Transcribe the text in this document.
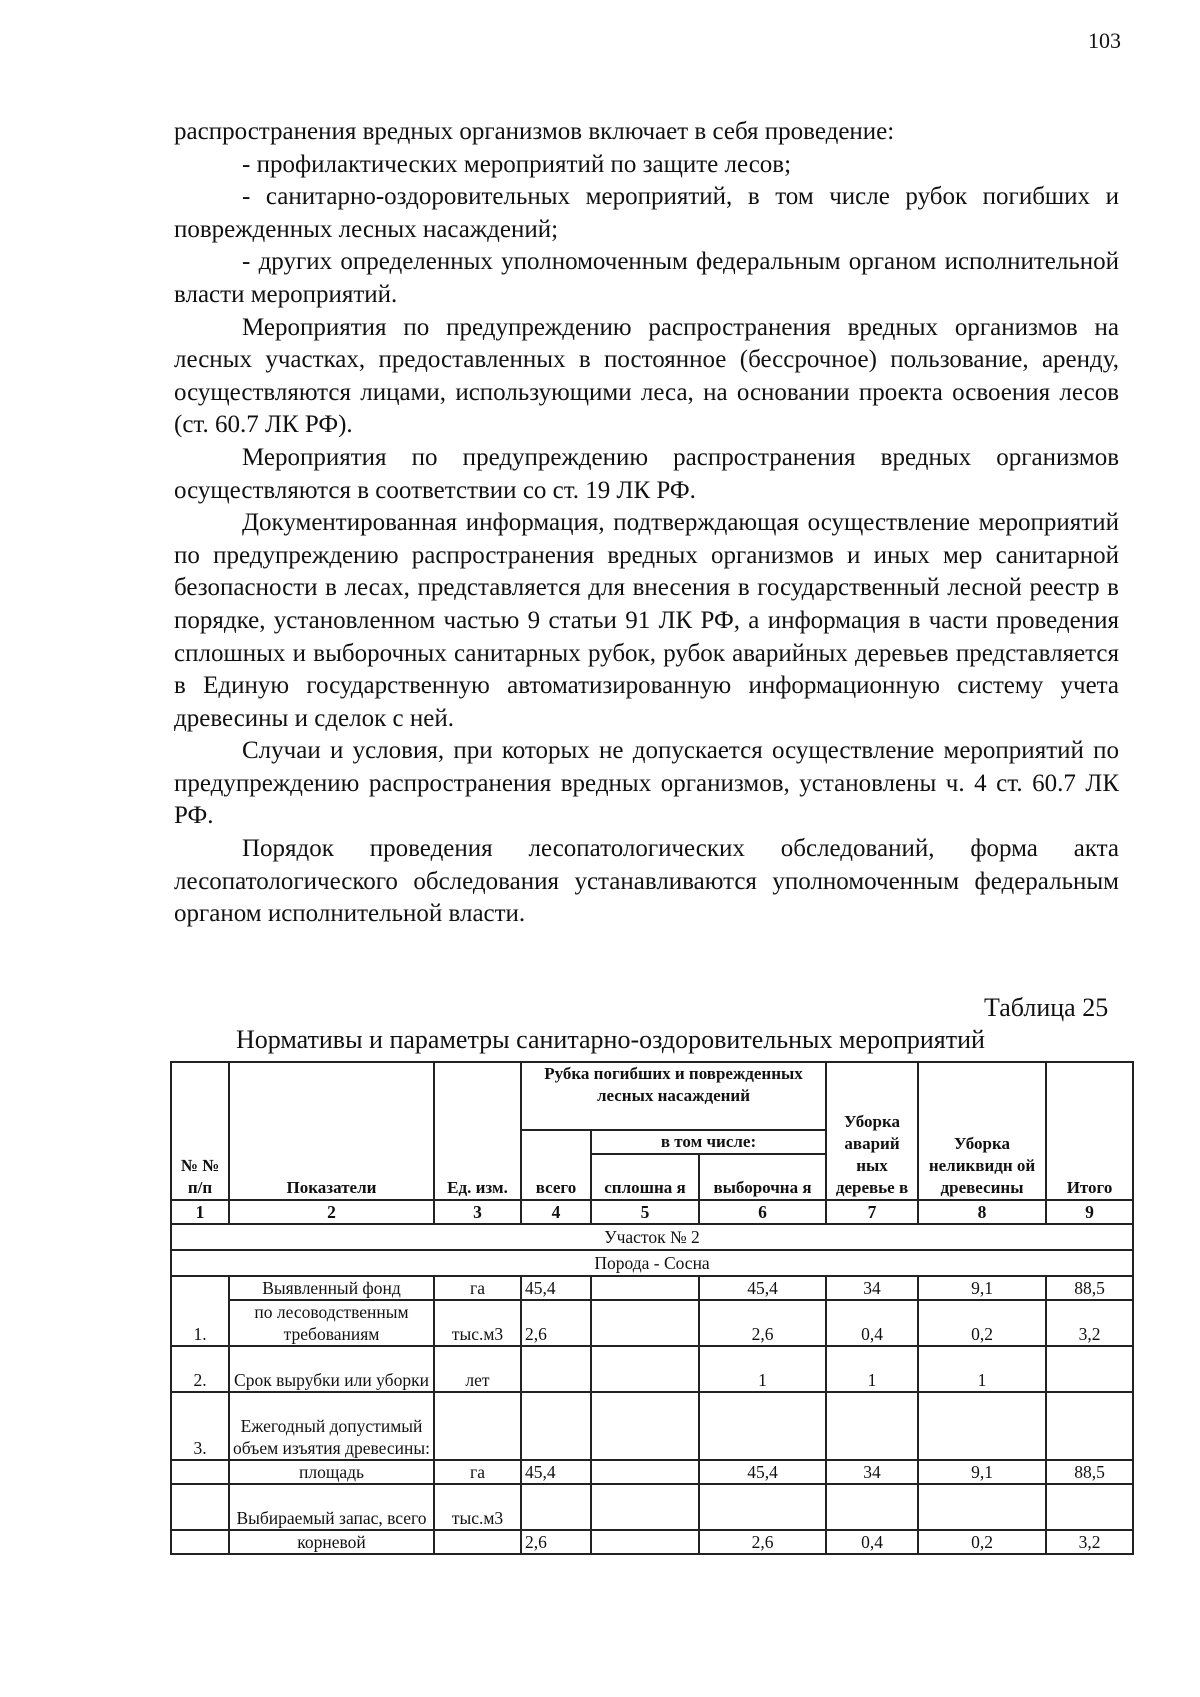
103

распространения вредных организмов включает в себя проведение:

- профилактических мероприятий по защите лесов;

- санитарно-оздоровительных мероприятий, в том числе рубок погибших и поврежденных лесных насаждений;

- других определенных уполномоченным федеральным органом исполнительной власти мероприятий.

Мероприятия по предупреждению распространения вредных организмов на лесных участках, предоставленных в постоянное (бессрочное) пользование, аренду, осуществляются лицами, использующими леса, на основании проекта освоения лесов (ст. 60.7 ЛК РФ).

Мероприятия по предупреждению распространения вредных организмов осуществляются в соответствии со ст. 19 ЛК РФ.

Документированная информация, подтверждающая осуществление мероприятий по предупреждению распространения вредных организмов и иных мер санитарной безопасности в лесах, представляется для внесения в государственный лесной реестр в порядке, установленном частью 9 статьи 91 ЛК РФ, а информация в части проведения сплошных и выборочных санитарных рубок, рубок аварийных деревьев представляется в Единую государственную автоматизированную информационную систему учета древесины и сделок с ней.

Случаи и условия, при которых не допускается осуществление мероприятий по предупреждению распространения вредных организмов, установлены ч. 4 ст. 60.7 ЛК РФ.

Порядок проведения лесопатологических обследований, форма акта лесопатологического обследования устанавливаются уполномоченным федеральным органом исполнительной власти.

Таблица 25
Нормативы и параметры санитарно-оздоровительных мероприятий
№ № п/п	Показатели	Ед. изм.	Рубка погибших и поврежденных лесных насаждений			Уборка аварий ных деревье в	Уборка неликвидн ой древесины	Итого
			всего	в том числе:				
				сплошна я	выборочна я			
1	2	3	4	5	6	7	8	9
Участок № 2								
Порода - Сосна								
1.	Выявленный фонд	га	45,4		45,4	34	9,1	88,5
	по лесоводственным требованиям	тыс.м3	2,6		2,6	0,4	0,2	3,2
2.	Срок вырубки или уборки	лет			1	1	1	
3.	Ежегодный допустимый объем изъятия древесины:							
	площадь	га	45,4		45,4	34	9,1	88,5
	Выбираемый запас, всего	тыс.м3						
	корневой		2,6		2,6	0,4	0,2	3,2
